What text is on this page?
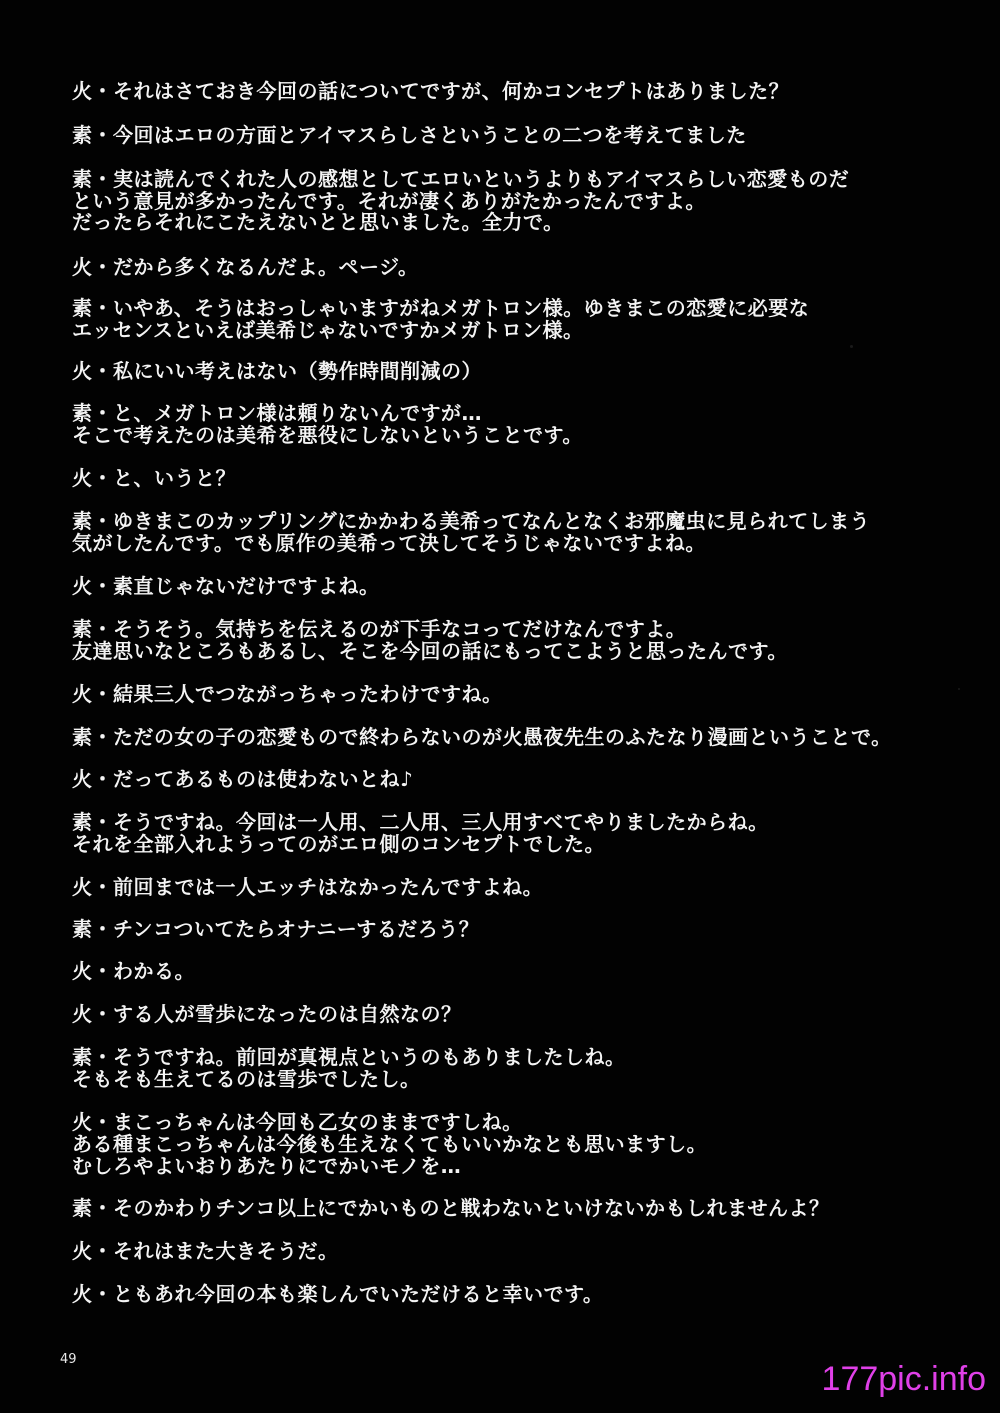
火・それはさておき今回の話についてですが、何かコンセプトはありました？
素・今回はエロの方面とアイマスらしさということの二つを考えてました
素・実は読んでくれた人の感想としてエロいというよりもアイマスらしい恋愛ものだ
という意見が多かったんです。それが凄くありがたかったんですよ。
だったらそれにこたえないとと思いました。全力で。
火・だから多くなるんだよ。ページ。
素・いやあ、そうはおっしゃいますがねメガトロン様。ゆきまこの恋愛に必要な
エッセンスといえば美希じゃないですかメガトロン様。
火・私にいい考えはない（勢作時間削減の）
素・と、メガトロン様は頼りないんですが…
そこで考えたのは美希を悪役にしないということです。
火・と、いうと？
素・ゆきまこのカップリングにかかわる美希ってなんとなくお邪魔虫に見られてしまう
気がしたんです。でも原作の美希って決してそうじゃないですよね。
火・素直じゃないだけですよね。
素・そうそう。気持ちを伝えるのが下手なコってだけなんですよ。
友達思いなところもあるし、そこを今回の話にもってこようと思ったんです。
火・結果三人でつながっちゃったわけですね。
素・ただの女の子の恋愛もので終わらないのが火愚夜先生のふたなり漫画ということで。
火・だってあるものは使わないとね♪
素・そうですね。今回は一人用、二人用、三人用すべてやりましたからね。
それを全部入れようってのがエロ側のコンセプトでした。
火・前回までは一人エッチはなかったんですよね。
素・チンコついてたらオナニーするだろう？
火・わかる。
火・する人が雪歩になったのは自然なの？
素・そうですね。前回が真視点というのもありましたしね。
そもそも生えてるのは雪歩でしたし。
火・まこっちゃんは今回も乙女のままですしね。
ある種まこっちゃんは今後も生えなくてもいいかなとも思いますし。
むしろやよいおりあたりにでかいモノを…
素・そのかわりチンコ以上にでかいものと戦わないといけないかもしれませんよ？
火・それはまた大きそうだ。
火・ともあれ今回の本も楽しんでいただけると幸いです。
49
177pic.info
